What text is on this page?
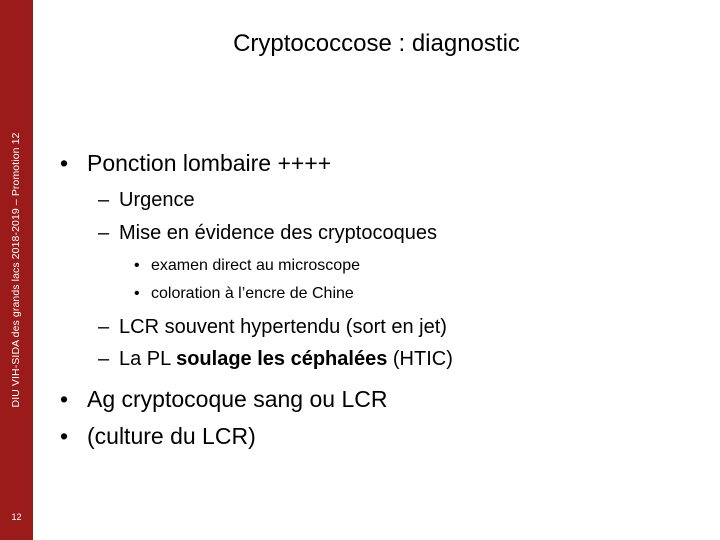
DIU VIH-SIDA des grands lacs 2018-2019 – Promotion 12
12
Cryptococcose : diagnostic
• Ponction lombaire ++++
– Urgence
– Mise en évidence des cryptocoques
• examen direct au microscope
• coloration à l’encre de Chine
– LCR souvent hypertendu (sort en jet)
– La PL soulage les céphalées (HTIC)
• Ag cryptocoque sang ou LCR
• (culture du LCR)
